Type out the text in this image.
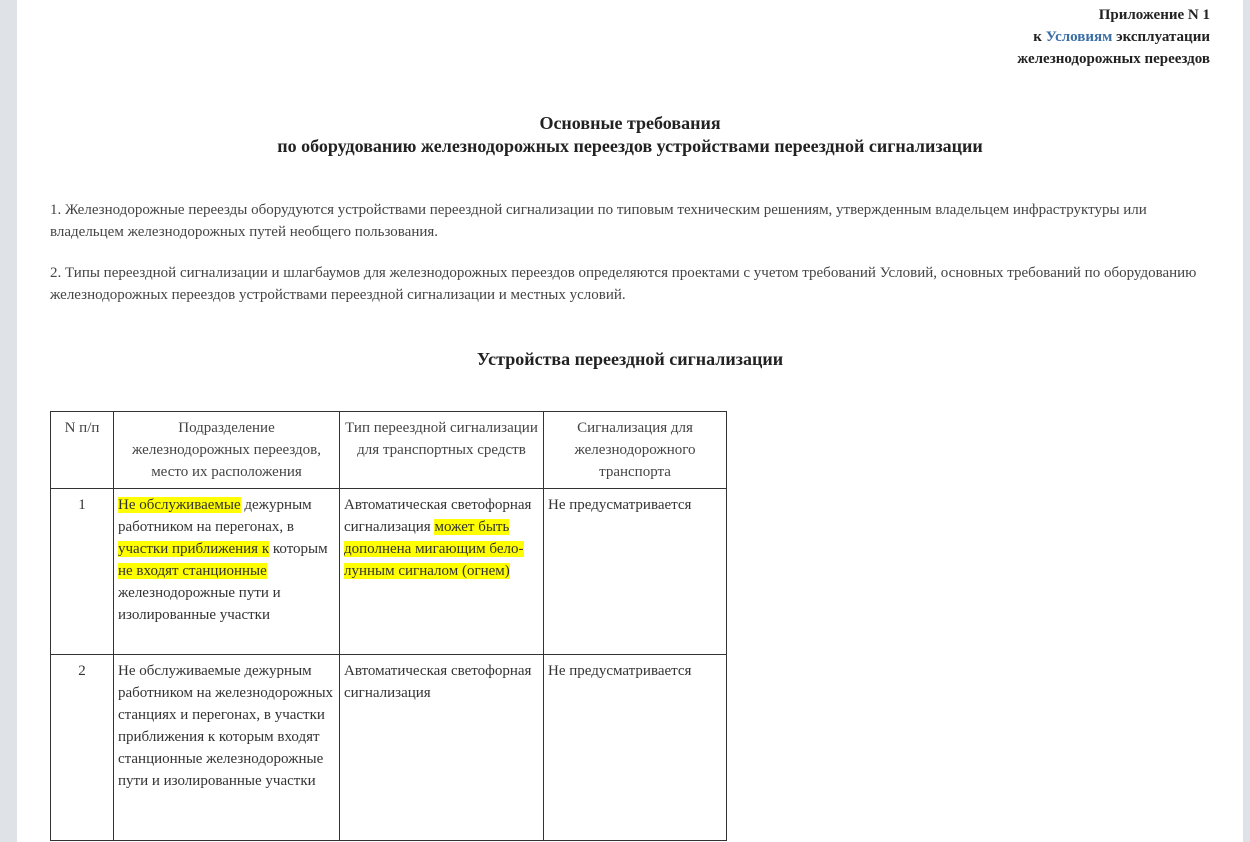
Приложение N 1
к Условиям эксплуатации
железнодорожных переездов
Основные требования
по оборудованию железнодорожных переездов устройствами переездной сигнализации
1. Железнодорожные переезды оборудуются устройствами переездной сигнализации по типовым техническим решениям, утвержденным владельцем инфраструктуры или владельцем железнодорожных путей необщего пользования.
2. Типы переездной сигнализации и шлагбаумов для железнодорожных переездов определяются проектами с учетом требований Условий, основных требований по оборудованию железнодорожных переездов устройствами переездной сигнализации и местных условий.
Устройства переездной сигнализации
N п/п	Подразделение железнодорожных переездов, место их расположения	Тип переездной сигнализации для транспортных средств	Сигнализация для железнодорожного транспорта
1	Не обслуживаемые дежурным работником на перегонах, в участки приближения к которым не входят станционные железнодорожные пути и изолированные участки	Автоматическая светофорная сигнализация может быть дополнена мигающим бело-лунным сигналом (огнем)	Не предусматривается
2	Не обслуживаемые дежурным работником на железнодорожных станциях и перегонах, в участки приближения к которым входят станционные железнодорожные пути и изолированные участки	Автоматическая светофорная сигнализация	Не предусматривается
